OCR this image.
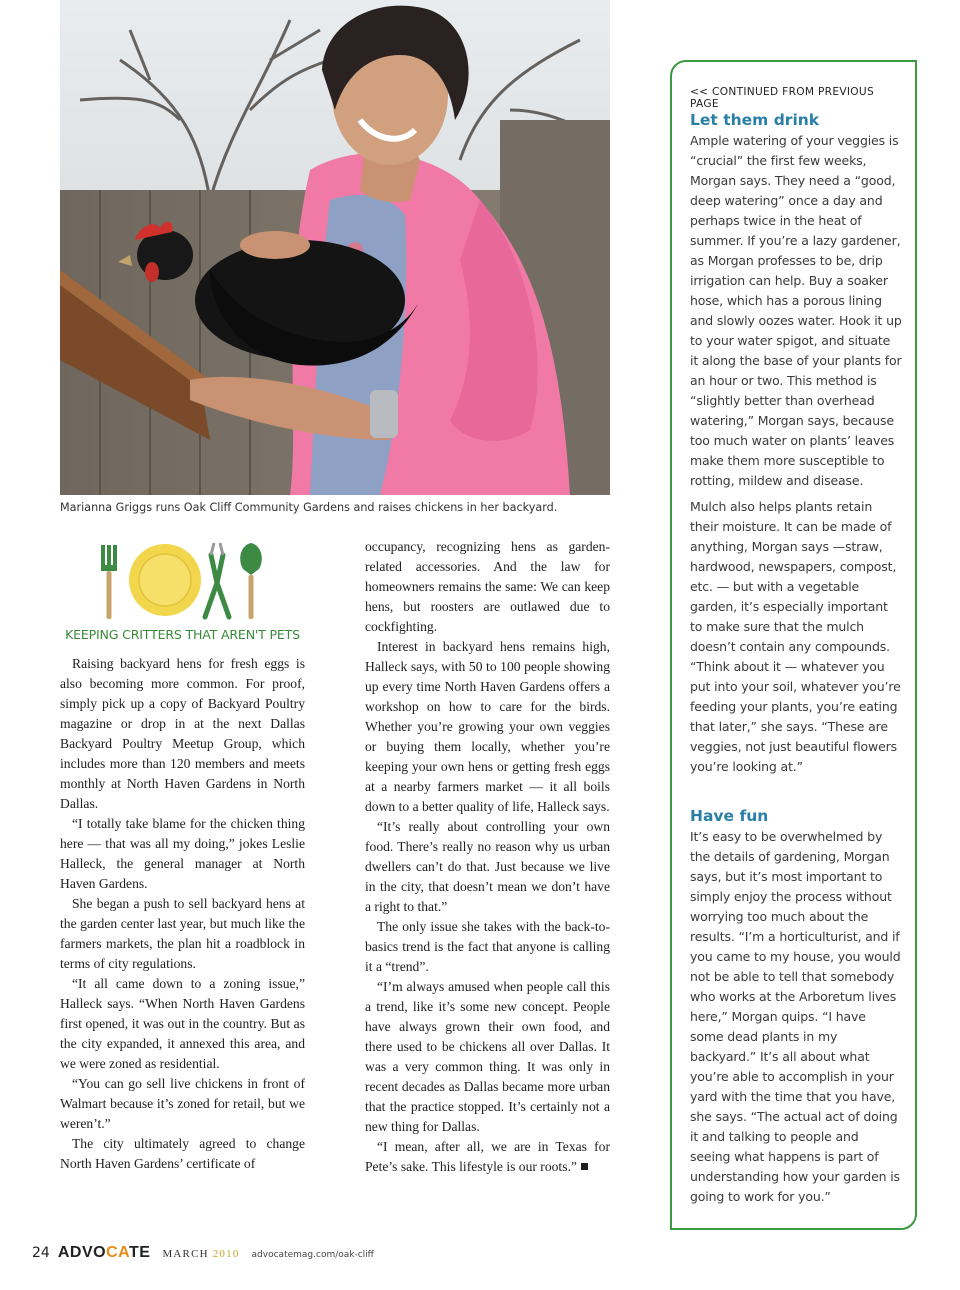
Marianna Griggs runs Oak Cliff Community Gardens and raises chickens in her backyard.
KEEPING CRITTERS THAT AREN'T PETS

Raising backyard hens for fresh eggs is also becoming more common. For proof, simply pick up a copy of Backyard Poultry magazine or drop in at the next Dallas Backyard Poultry Meetup Group, which includes more than 120 members and meets monthly at North Haven Gardens in North Dallas.

“I totally take blame for the chicken thing here — that was all my doing,” jokes Leslie Halleck, the general manager at North Haven Gardens.

She began a push to sell backyard hens at the garden center last year, but much like the farmers markets, the plan hit a roadblock in terms of city regulations.

“It all came down to a zoning issue,” Halleck says. “When North Haven Gardens first opened, it was out in the country. But as the city expanded, it annexed this area, and we were zoned as residential.

“You can go sell live chickens in front of Walmart because it’s zoned for retail, but we weren’t.”

The city ultimately agreed to change North Haven Gardens’ certificate of

occupancy, recognizing hens as garden-related accessories. And the law for homeowners remains the same: We can keep hens, but roosters are outlawed due to cockfighting.

Interest in backyard hens remains high, Halleck says, with 50 to 100 people showing up every time North Haven Gardens offers a workshop on how to care for the birds. Whether you’re growing your own veggies or buying them locally, whether you’re keeping your own hens or getting fresh eggs at a nearby farmers market — it all boils down to a better quality of life, Halleck says.

“It’s really about controlling your own food. There’s really no reason why us urban dwellers can’t do that. Just because we live in the city, that doesn’t mean we don’t have a right to that.”

The only issue she takes with the back-to-basics trend is the fact that anyone is calling it a “trend”.

“I’m always amused when people call this a trend, like it’s some new concept. People have always grown their own food, and there used to be chickens all over Dallas. It was a very common thing. It was only in recent decades as Dallas became more urban that the practice stopped. It’s certainly not a new thing for Dallas.

“I mean, after all, we are in Texas for Pete’s sake. This lifestyle is our roots.”

<< CONTINUED FROM PREVIOUS PAGE
Let them drink

Ample watering of your veggies is “crucial” the first few weeks, Morgan says. They need a “good, deep watering” once a day and perhaps twice in the heat of summer. If you’re a lazy gardener, as Morgan professes to be, drip irrigation can help. Buy a soaker hose, which has a porous lining and slowly oozes water. Hook it up to your water spigot, and situate it along the base of your plants for an hour or two. This method is “slightly better than overhead watering,” Morgan says, because too much water on plants’ leaves make them more susceptible to rotting, mildew and disease.

Mulch also helps plants retain their moisture. It can be made of anything, Morgan says —straw, hardwood, newspapers, compost, etc. — but with a vegetable garden, it’s especially important to make sure that the mulch doesn’t contain any compounds. “Think about it — whatever you put into your soil, whatever you’re feeding your plants, you’re eating that later,” she says. “These are veggies, not just beautiful flowers you’re looking at.”

Have fun

It’s easy to be overwhelmed by the details of gardening, Morgan says, but it’s most important to simply enjoy the process without worrying too much about the results. “I’m a horticulturist, and if you came to my house, you would not be able to tell that somebody who works at the Arboretum lives here,” Morgan quips. “I have some dead plants in my backyard.” It’s all about what you’re able to accomplish in your yard with the time that you have, she says. “The actual act of doing it and talking to people and seeing what happens is part of understanding how your garden is going to work for you.”

24 ADVOCATE MARCH 2010 advocatemag.com/oak-cliff
